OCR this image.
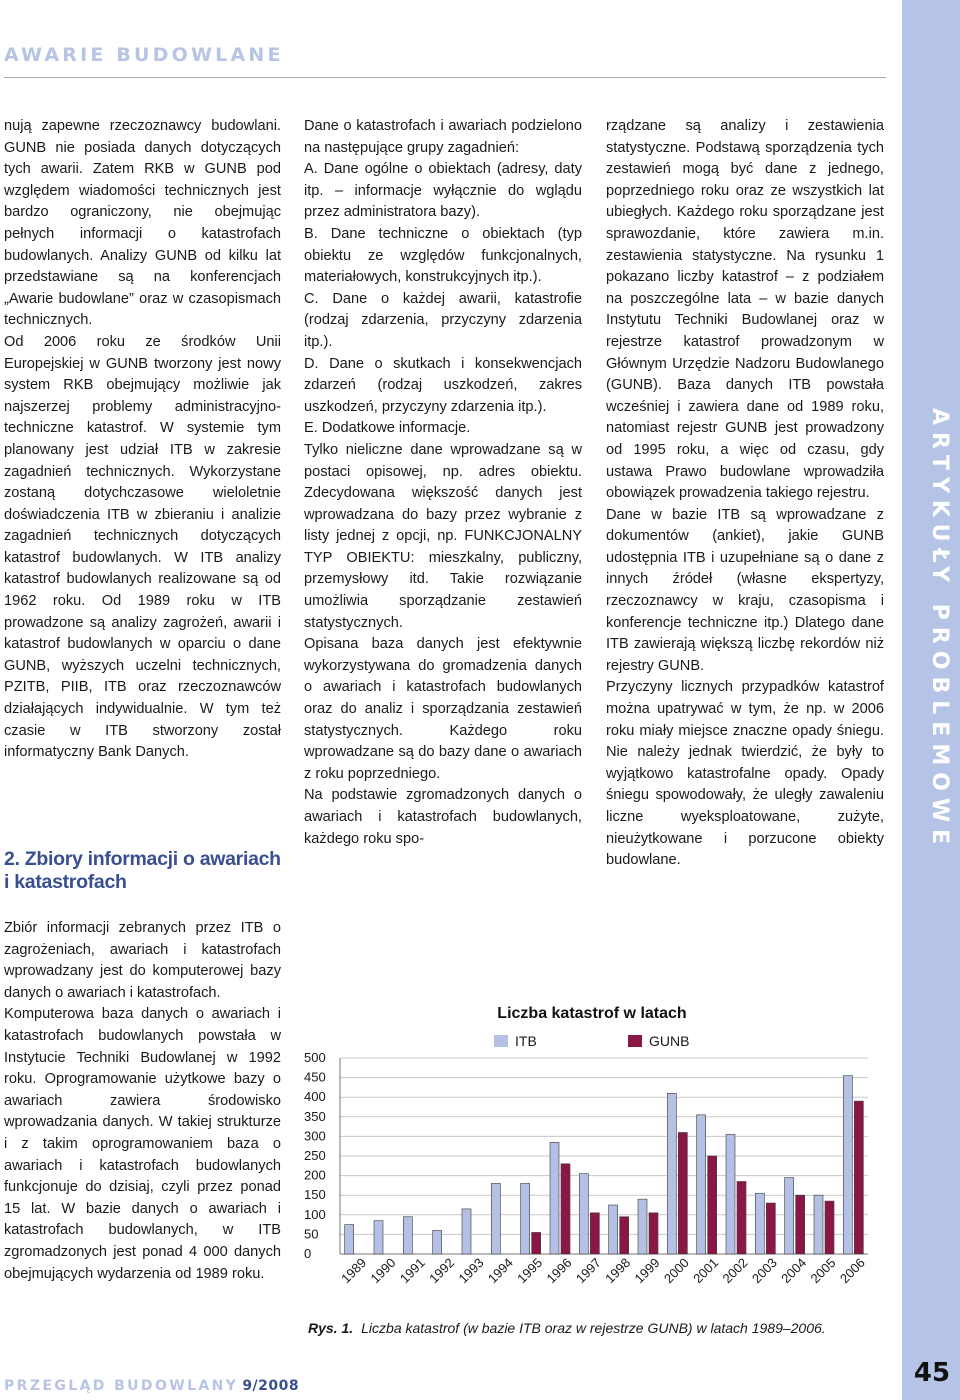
AWARIE BUDOWLANE
ARTYKUŁY PROBLEMOWE
45

nują zapewne rzeczoznawcy budowlani. GUNB nie posiada danych dotyczących tych awarii. Zatem RKB w GUNB pod względem wiadomości technicznych jest bardzo ograniczony, nie obejmując pełnych informacji o katastrofach budowlanych. Analizy GUNB od kilku lat przedstawiane są na konferencjach „Awarie budowlane” oraz w czasopismach technicznych.

Od 2006 roku ze środków Unii Europejskiej w GUNB tworzony jest nowy system RKB obejmujący możliwie jak najszerzej problemy administracyjno-techniczne katastrof. W systemie tym planowany jest udział ITB w zakresie zagadnień technicznych. Wykorzystane zostaną dotychczasowe wieloletnie doświadczenia ITB w zbieraniu i analizie zagadnień technicznych dotyczących katastrof budowlanych. W ITB analizy katastrof budowlanych realizowane są od 1962 roku. Od 1989 roku w ITB prowadzone są analizy zagrożeń, awarii i katastrof budowlanych w oparciu o dane GUNB, wyższych uczelni technicznych, PZITB, PIIB, ITB oraz rzeczoznawców działających indywidualnie. W tym też czasie w ITB stworzony został informatyczny Bank Danych.

2. Zbiory informacji o awariach i katastrofach

Zbiór informacji zebranych przez ITB o zagrożeniach, awariach i katastrofach wprowadzany jest do komputerowej bazy danych o awariach i katastrofach.

Komputerowa baza danych o awariach i katastrofach budowlanych powstała w Instytucie Techniki Budowlanej w 1992 roku. Oprogramowanie użytkowe bazy o awariach zawiera środowisko wprowadzania danych. W takiej strukturze i z takim oprogramowaniem baza o awariach i katastrofach budowlanych funkcjonuje do dzisiaj, czyli przez ponad 15 lat. W bazie danych o awariach i katastrofach budowlanych, w ITB zgromadzonych jest ponad 4 000 danych obejmujących wydarzenia od 1989 roku.

Dane o katastrofach i awariach podzielono na następujące grupy zagadnień:

A. Dane ogólne o obiektach (adresy, daty itp. – informacje wyłącznie do wglądu przez administratora bazy).

B. Dane techniczne o obiektach (typ obiektu ze względów funkcjonalnych, materiałowych, konstrukcyjnych itp.).

C. Dane o każdej awarii, katastrofie (rodzaj zdarzenia, przyczyny zdarzenia itp.).

D. Dane o skutkach i konsekwencjach zdarzeń (rodzaj uszkodzeń, zakres uszkodzeń, przyczyny zdarzenia itp.).

E. Dodatkowe informacje.

Tylko nieliczne dane wprowadzane są w postaci opisowej, np. adres obiektu. Zdecydowana większość danych jest wprowadzana do bazy przez wybranie z listy jednej z opcji, np. FUNKCJONALNY TYP OBIEKTU: mieszkalny, publiczny, przemysłowy itd. Takie rozwiązanie umożliwia sporządzanie zestawień statystycznych.

Opisana baza danych jest efektywnie wykorzystywana do gromadzenia danych o awariach i katastrofach budowlanych oraz do analiz i sporządzania zestawień statystycznych. Każdego roku wprowadzane są do bazy dane o awariach z roku poprzedniego.

Na podstawie zgromadzonych danych o awariach i katastrofach budowlanych, każdego roku spo-

rządzane są analizy i zestawienia statystyczne. Podstawą sporządzenia tych zestawień mogą być dane z jednego, poprzedniego roku oraz ze wszystkich lat ubiegłych. Każdego roku sporządzane jest sprawozdanie, które zawiera m.in. zestawienia statystyczne. Na rysunku 1 pokazano liczby katastrof – z podziałem na poszczególne lata – w bazie danych Instytutu Techniki Budowlanej oraz w rejestrze katastrof prowadzonym w Głównym Urzędzie Nadzoru Budowlanego (GUNB). Baza danych ITB powstała wcześniej i zawiera dane od 1989 roku, natomiast rejestr GUNB jest prowadzony od 1995 roku, a więc od czasu, gdy ustawa Prawo budowlane wprowadziła obowiązek prowadzenia takiego rejestru.

Dane w bazie ITB są wprowadzane z dokumentów (ankiet), jakie GUNB udostępnia ITB i uzupełniane są o dane z innych źródeł (własne ekspertyzy, rzeczoznawcy w kraju, czasopisma i konferencje techniczne itp.) Dlatego dane ITB zawierają większą liczbę rekordów niż rejestry GUNB.

Przyczyny licznych przypadków katastrof można upatrywać w tym, że np. w 2006 roku miały miejsce znaczne opady śniegu. Nie należy jednak twierdzić, że były to wyjątkowo katastrofalne opady. Opady śniegu spowodowały, że uległy zawaleniu liczne wyeksploatowane, zużyte, nieużytkowane i porzucone obiekty budowlane.

Liczba katastrof w latach
ITB	GUNB
0
50
100
150
200
250
300
350
400
450
500
1989
1990
1991
1992
1993
1994
1995
1996
1997
1998
1999
2000
2001
2002
2003
2004
2005
2006
Rys. 1. Liczba katastrof (w bazie ITB oraz w rejestrze GUNB) w latach 1989–2006.
PRZEGLĄD BUDOWLANY 9/2008
